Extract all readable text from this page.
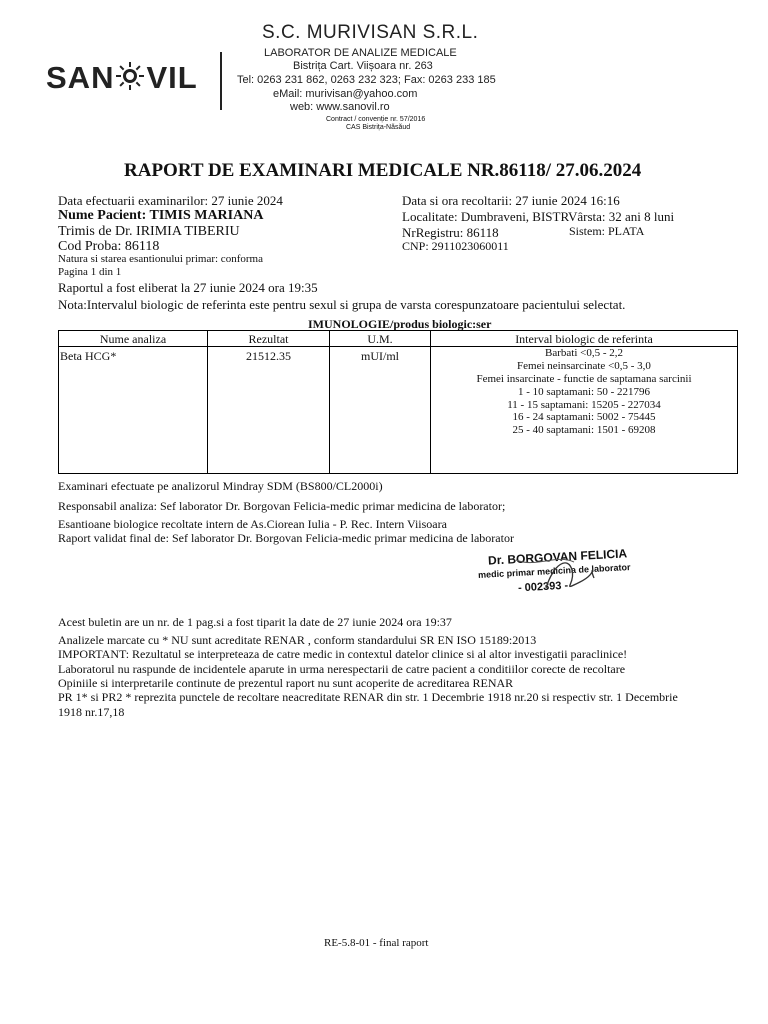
SAN VIL
S.C. MURIVISAN S.R.L.
LABORATOR DE ANALIZE MEDICALE
Bistrița Cart. Viișoara nr. 263
Tel: 0263 231 862, 0263 232 323; Fax: 0263 233 185
eMail: murivisan@yahoo.com
web: www.sanovil.ro
Contract / convenție nr. 57/2016
CAS Bistrița-Năsăud
RAPORT DE EXAMINARI MEDICALE NR.86118/ 27.06.2024
Data efectuarii examinarilor: 27 iunie 2024
Nume Pacient: TIMIS MARIANA
Trimis de Dr. IRIMIA TIBERIU
Cod Proba: 86118
Natura si starea esantionului primar: conforma
Pagina 1 din 1
Raportul a fost eliberat la 27 iunie 2024 ora 19:35
Nota:Intervalul biologic de referinta este pentru sexul si grupa de varsta corespunzatoare pacientului selectat.
Data si ora recoltarii: 27 iunie 2024 16:16
Localitate: Dumbraveni, BISTR
Vârsta: 32 ani 8 luni
NrRegistru: 86118	Sistem: PLATA
CNP: 2911023060011
IMUNOLOGIE/produs biologic:ser
Nume analiza	Rezultat	U.M.	Interval biologic de referinta
Beta HCG*	21512.35	mUI/ml	Barbati <0,5 - 2,2
Femei neinsarcinate <0,5 - 3,0
Femei insarcinate - functie de saptamana sarcinii
1 - 10 saptamani: 50 - 221796
11 - 15 saptamani: 15205 - 227034
16 - 24 saptamani: 5002 - 75445
25 - 40 saptamani: 1501 - 69208
Examinari efectuate pe analizorul Mindray SDM (BS800/CL2000i)
Responsabil analiza: Sef laborator Dr. Borgovan Felicia-medic primar medicina de laborator;
Esantioane biologice recoltate intern de As.Ciorean Iulia - P. Rec. Intern Viisoara
Raport validat final de: Sef laborator Dr. Borgovan Felicia-medic primar medicina de laborator
Dr. BORGOVAN FELICIA
medic primar medicina de laborator
- 002393 -
Acest buletin are un nr. de 1 pag.si a fost tiparit la date de 27 iunie 2024 ora 19:37
Analizele marcate cu * NU sunt acreditate RENAR , conform standardului SR EN ISO 15189:2013
IMPORTANT: Rezultatul se interpreteaza de catre medic in contextul datelor clinice si al altor investigatii paraclinice!
Laboratorul nu raspunde de incidentele aparute in urma nerespectarii de catre pacient a conditiilor corecte de recoltare
Opiniile si interpretarile continute de prezentul raport nu sunt acoperite de acreditarea RENAR
PR 1* si PR2 * reprezita punctele de recoltare neacreditate RENAR din str. 1 Decembrie 1918 nr.20 si respectiv str. 1 Decembrie
1918 nr.17,18
RE-5.8-01 - final raport
